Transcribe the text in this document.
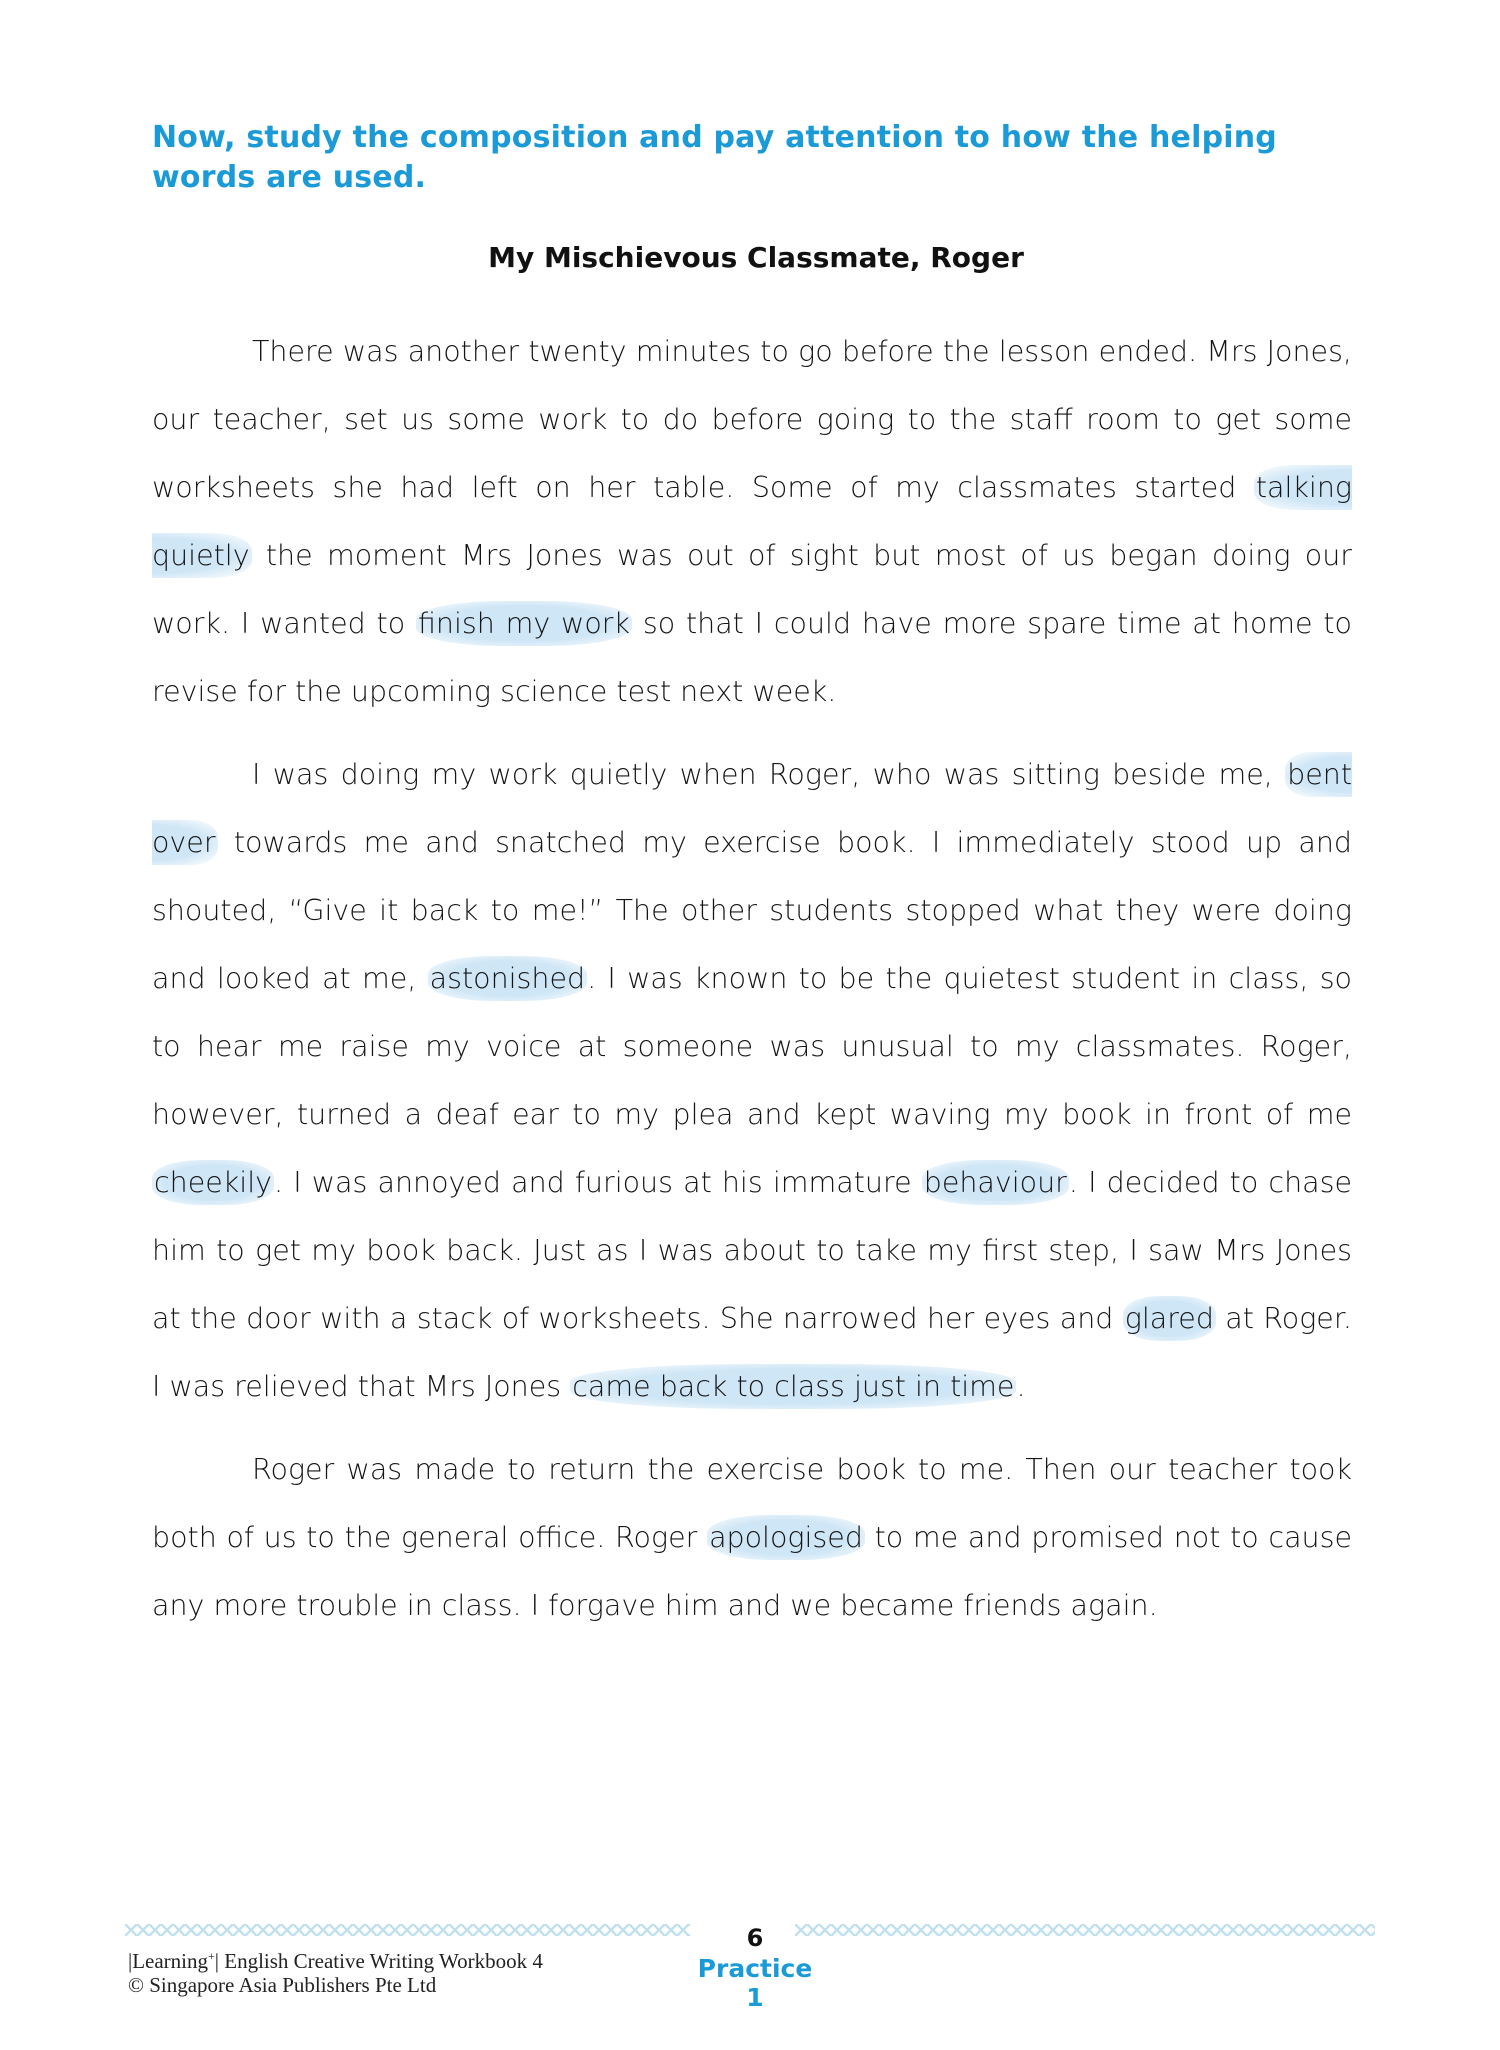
Now, study the composition and pay attention to how the helping words are used.
My Mischievous Classmate, Roger

There was another twenty minutes to go before the lesson ended. Mrs Jones, our teacher, set us some work to do before going to the staff room to get some worksheets she had left on her table. Some of my classmates started talking quietly the moment Mrs Jones was out of sight but most of us began doing our work. I wanted to finish my work so that I could have more spare time at home to revise for the upcoming science test next week.

I was doing my work quietly when Roger, who was sitting beside me, bent over towards me and snatched my exercise book. I immediately stood up and shouted, “Give it back to me!” The other students stopped what they were doing and looked at me, astonished. I was known to be the quietest student in class, so to hear me raise my voice at someone was unusual to my classmates. Roger, however, turned a deaf ear to my plea and kept waving my book in front of me cheekily. I was annoyed and furious at his immature behaviour. I decided to chase him to get my book back. Just as I was about to take my first step, I saw Mrs Jones at the door with a stack of worksheets. She narrowed her eyes and glared at Roger. I was relieved that Mrs Jones came back to class just in time.

Roger was made to return the exercise book to me. Then our teacher took both of us to the general office. Roger apologised to me and promised not to cause any more trouble in class. I forgave him and we became friends again.

6
Practice 1
|Learning+| English Creative Writing Workbook 4
© Singapore Asia Publishers Pte Ltd
